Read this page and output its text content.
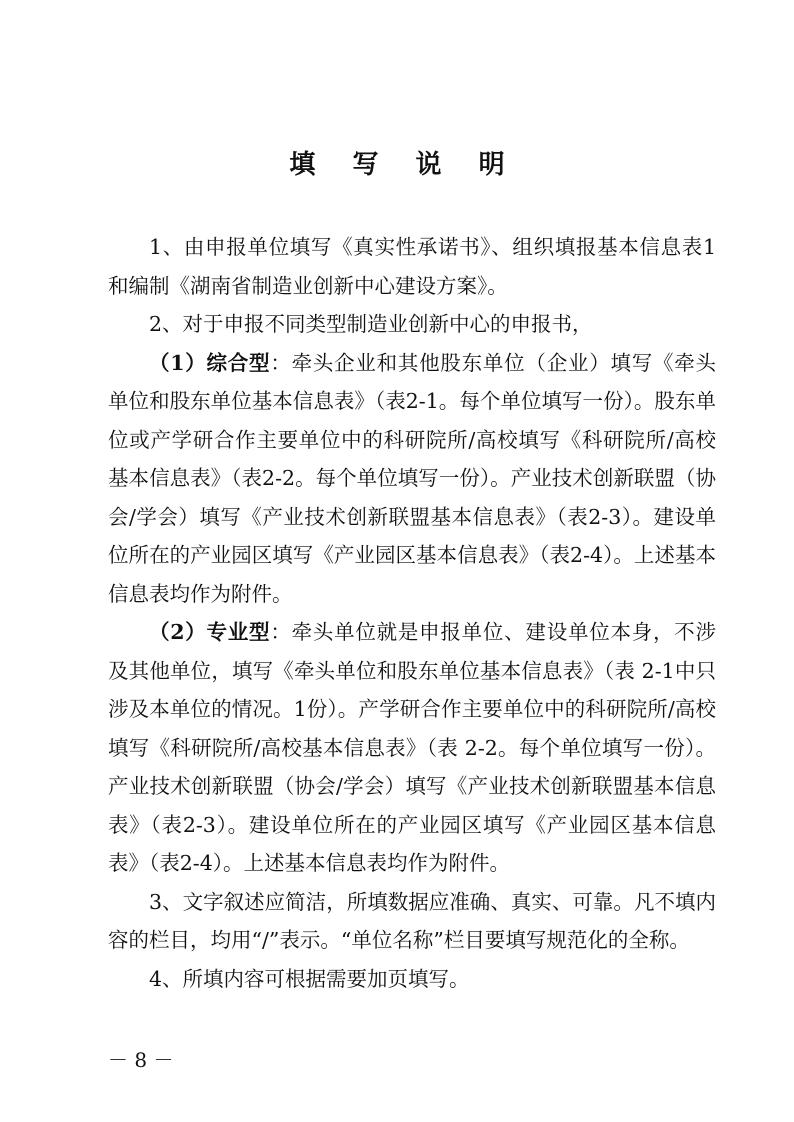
填 写 说 明

1、由申报单位填写《真实性承诺书》、组织填报基本信息表1和编制《湖南省制造业创新中心建设方案》。

2、对于申报不同类型制造业创新中心的申报书，

（1）综合型：牵头企业和其他股东单位（企业）填写《牵头单位和股东单位基本信息表》（表2-1。每个单位填写一份）。股东单位或产学研合作主要单位中的科研院所/高校填写《科研院所/高校基本信息表》（表2-2。每个单位填写一份）。产业技术创新联盟（协会/学会）填写《产业技术创新联盟基本信息表》（表2-3）。建设单位所在的产业园区填写《产业园区基本信息表》（表2-4）。上述基本信息表均作为附件。

（2）专业型：牵头单位就是申报单位、建设单位本身，不涉及其他单位，填写《牵头单位和股东单位基本信息表》（表 2-1中只涉及本单位的情况。1份）。产学研合作主要单位中的科研院所/高校填写《科研院所/高校基本信息表》（表 2-2。每个单位填写一份）。产业技术创新联盟（协会/学会）填写《产业技术创新联盟基本信息表》（表2-3）。建设单位所在的产业园区填写《产业园区基本信息表》（表2-4）。上述基本信息表均作为附件。

3、文字叙述应简洁，所填数据应准确、真实、可靠。凡不填内容的栏目，均用“/”表示。“单位名称”栏目要填写规范化的全称。

4、所填内容可根据需要加页填写。

－ 8 －
